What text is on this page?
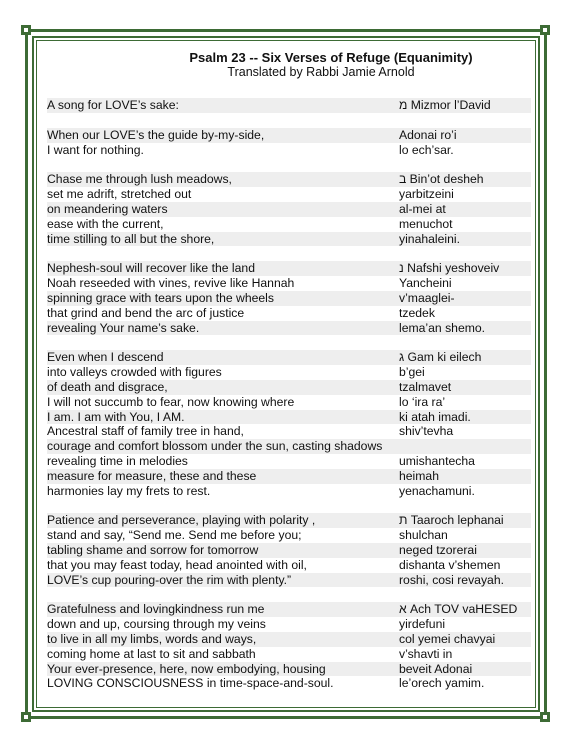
Psalm 23 -- Six Verses of Refuge (Equanimity)
Translated by Rabbi Jamie Arnold
A song for LOVE’s sake:	מ Mizmor l’David
When our LOVE’s the guide by-my-side,	Adonai ro’i
I want for nothing.	lo ech’sar.
Chase me through lush meadows,	ב Bin’ot desheh
set me adrift, stretched out	yarbitzeini
on meandering waters	al-mei at
ease with the current,	menuchot
time stilling to all but the shore,	yinahaleini.
Nephesh-soul will recover like the land	נ Nafshi yeshoveiv
Noah reseeded with vines, revive like Hannah	Yancheini
spinning grace with tears upon the wheels	v’maaglei-
that grind and bend the arc of justice	tzedek
revealing Your name’s sake.	lema’an shemo.
Even when I descend	ג Gam ki eilech
into valleys crowded with figures	b’gei
of death and disgrace,	tzalmavet
I will not succumb to fear, now knowing where	lo ‘ira ra’
I am. I am with You, I AM.	ki atah imadi.
Ancestral staff of family tree in hand,	shiv’tevha
courage and comfort blossom under the sun, casting shadows
revealing time in melodies	umishantecha
measure for measure, these and these	heimah
harmonies lay my frets to rest.	yenachamuni.
Patience and perseverance, playing with polarity ,	ת Taaroch lephanai
stand and say, “Send me. Send me before you;	shulchan
tabling shame and sorrow for tomorrow	neged tzorerai
that you may feast today, head anointed with oil,	dishanta v’shemen
LOVE’s cup pouring-over the rim with plenty.”	roshi, cosi revayah.
Gratefulness and lovingkindness run me	א Ach TOV vaHESED
down and up, coursing through my veins	yirdefuni
to live in all my limbs, words and ways,	col yemei chavyai
coming home at last to sit and sabbath	v’shavti in
Your ever-presence, here, now embodying, housing	beveit Adonai
LOVING CONSCIOUSNESS in time-space-and-soul.	le’orech yamim.
